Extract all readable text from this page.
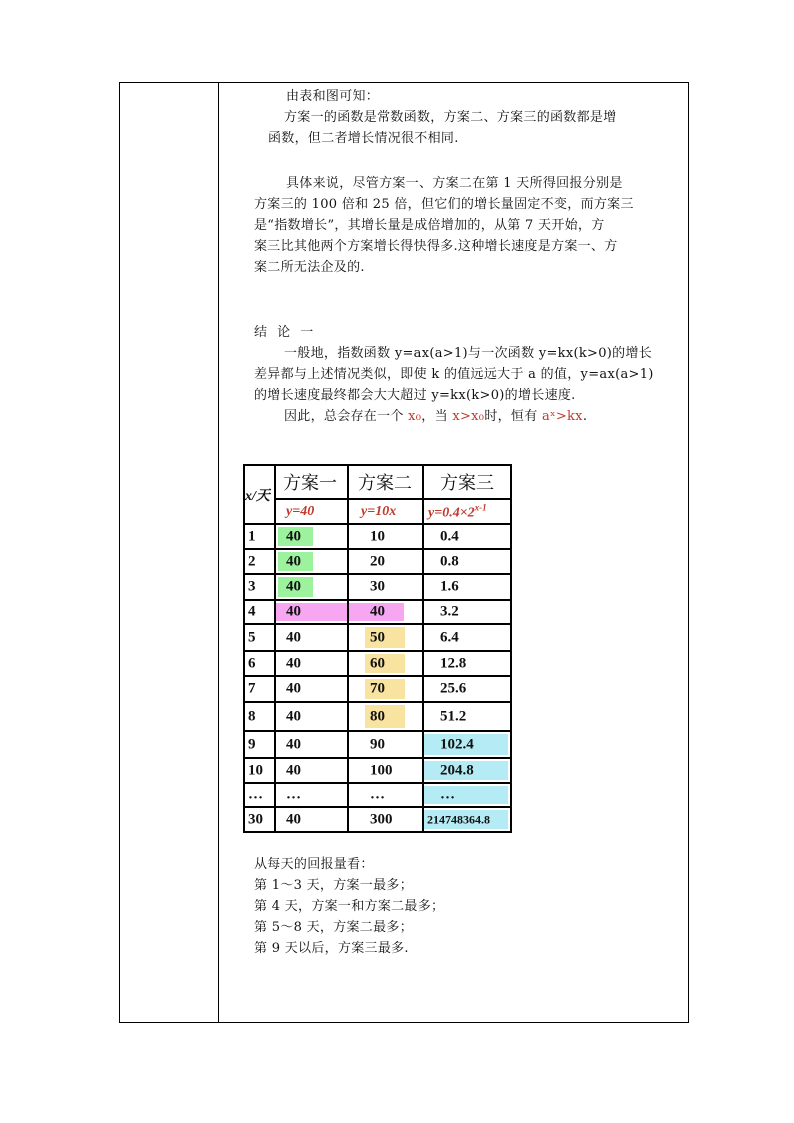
由表和图可知：
方案一的函数是常数函数，方案二、方案三的函数都是增
函数，但二者增长情况很不相同.
具体来说，尽管方案一、方案二在第 1 天所得回报分别是
方案三的 100 倍和 25 倍，但它们的增长量固定不变，而方案三
是“指数增长”，其增长量是成倍增加的，从第 7 天开始，方
案三比其他两个方案增长得快得多.这种增长速度是方案一、方
案二所无法企及的.
结 论 一
一般地，指数函数 y=ax(a>1)与一次函数 y=kx(k>0)的增长
差异都与上述情况类似，即使 k 的值远远大于 a 的值，y=ax(a>1)
的增长速度最终都会大大超过 y=kx(k>0)的增长速度.
因此，总会存在一个 x₀，当 x>x₀时，恒有 aˣ>kx.
从每天的回报量看：
第 1～3 天，方案一最多；
第 4 天，方案一和方案二最多；
第 5～8 天，方案二最多；
第 9 天以后，方案三最多.
x/天	方案一	方案二	方案三

	y=40	y=10x	$y=0.4\times 2^{x-1}$

1	40	10	0.4

2	40	20	0.8

3	40	30	1.6

4	40	40	3.2

5	40	50	6.4

6	40	60	12.8

7	40	70	25.6

8	40	80	51.2

9	40	90	102.4

10	40	100	204.8

…	…	…	…

30	40	300	214748364.8
